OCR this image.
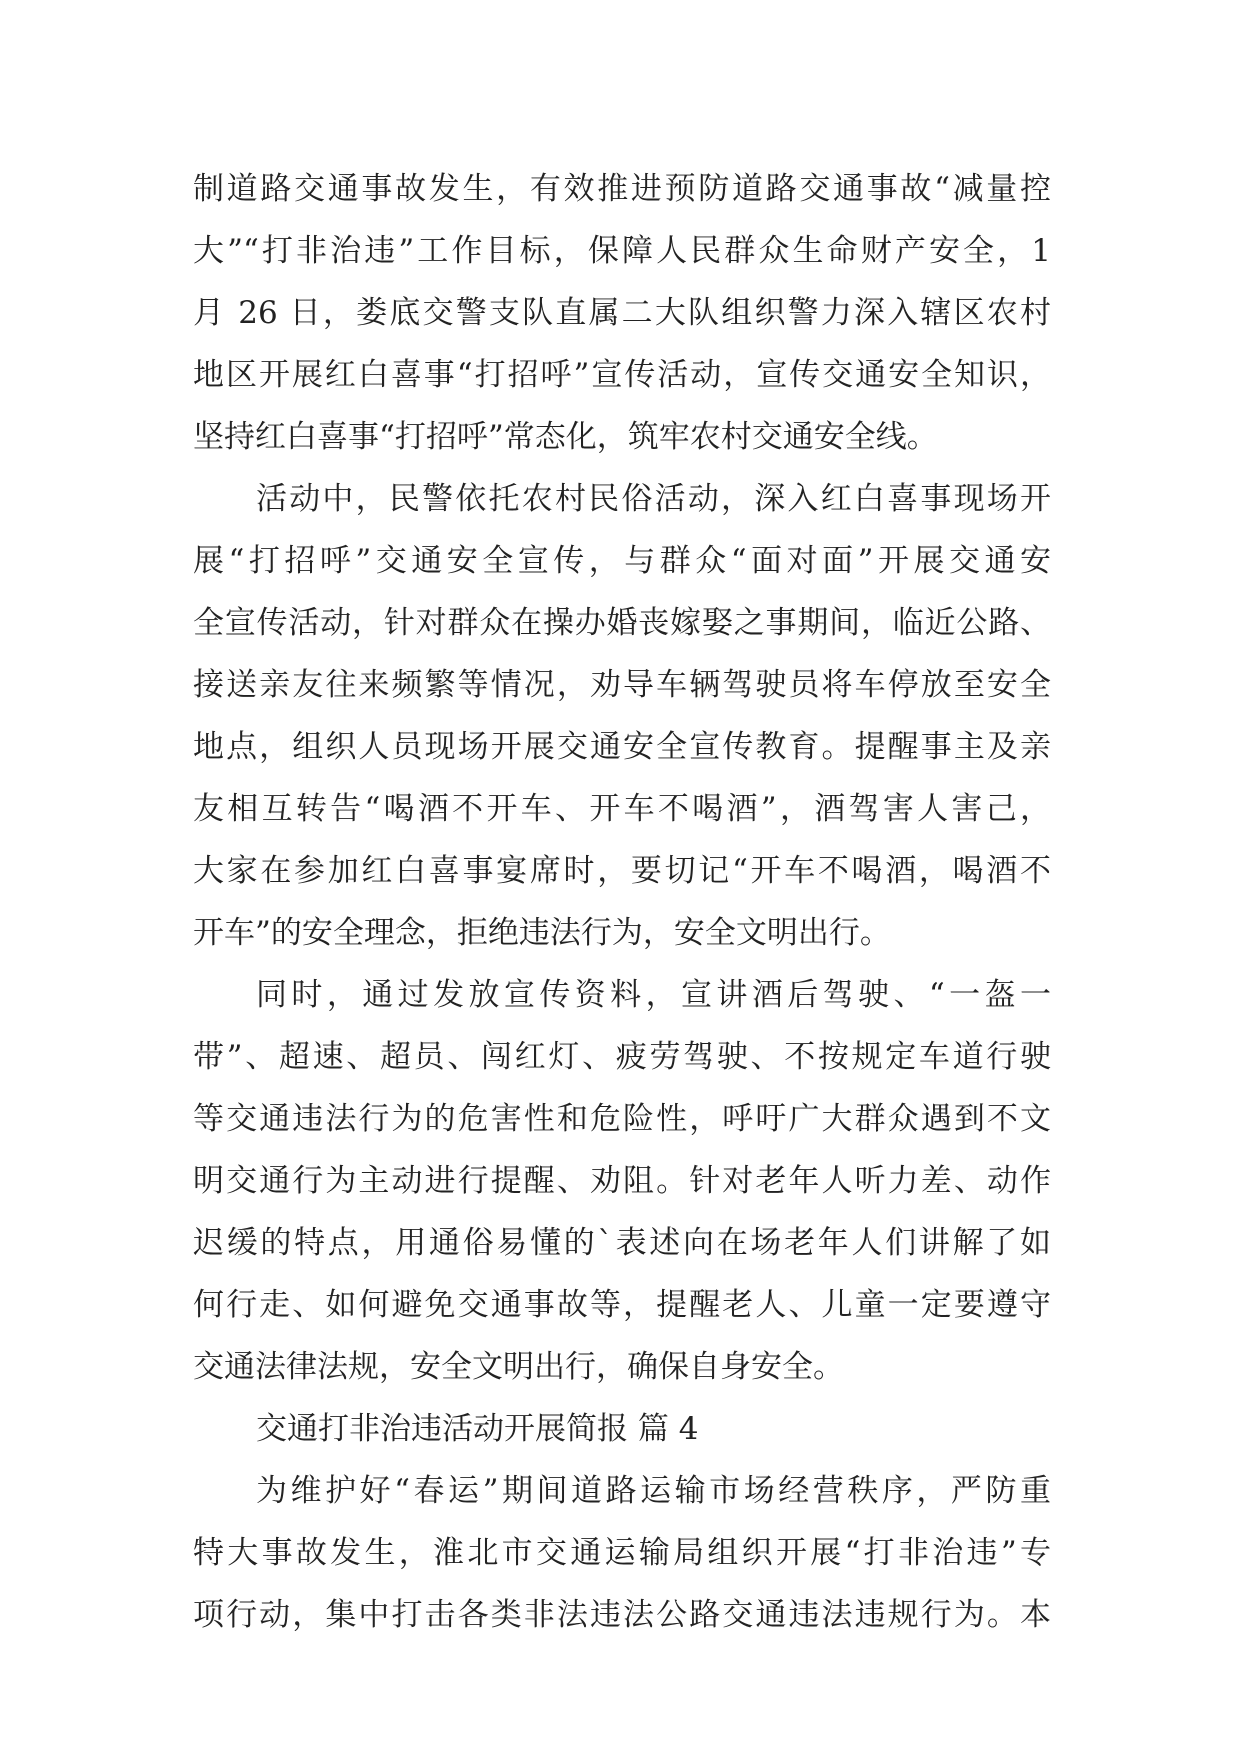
制道路交通事故发生，有效推进预防道路交通事故“减量控
大”“打非治违”工作目标，保障人民群众生命财产安全，1
月 26 日，娄底交警支队直属二大队组织警力深入辖区农村
地区开展红白喜事“打招呼”宣传活动，宣传交通安全知识，
坚持红白喜事“打招呼”常态化，筑牢农村交通安全线。
活动中，民警依托农村民俗活动，深入红白喜事现场开
展“打招呼”交通安全宣传，与群众“面对面”开展交通安
全宣传活动，针对群众在操办婚丧嫁娶之事期间，临近公路、
接送亲友往来频繁等情况，劝导车辆驾驶员将车停放至安全
地点，组织人员现场开展交通安全宣传教育。提醒事主及亲
友相互转告“喝酒不开车、开车不喝酒”，酒驾害人害己，
大家在参加红白喜事宴席时，要切记“开车不喝酒，喝酒不
开车”的安全理念，拒绝违法行为，安全文明出行。
同时，通过发放宣传资料，宣讲酒后驾驶、“一盔一
带”、超速、超员、闯红灯、疲劳驾驶、不按规定车道行驶
等交通违法行为的危害性和危险性，呼吁广大群众遇到不文
明交通行为主动进行提醒、劝阻。针对老年人听力差、动作
迟缓的特点，用通俗易懂的`表述向在场老年人们讲解了如
何行走、如何避免交通事故等，提醒老人、儿童一定要遵守
交通法律法规，安全文明出行，确保自身安全。
交通打非治违活动开展简报 篇 4
为维护好“春运”期间道路运输市场经营秩序，严防重
特大事故发生，淮北市交通运输局组织开展“打非治违”专
项行动，集中打击各类非法违法公路交通违法违规行为。本
